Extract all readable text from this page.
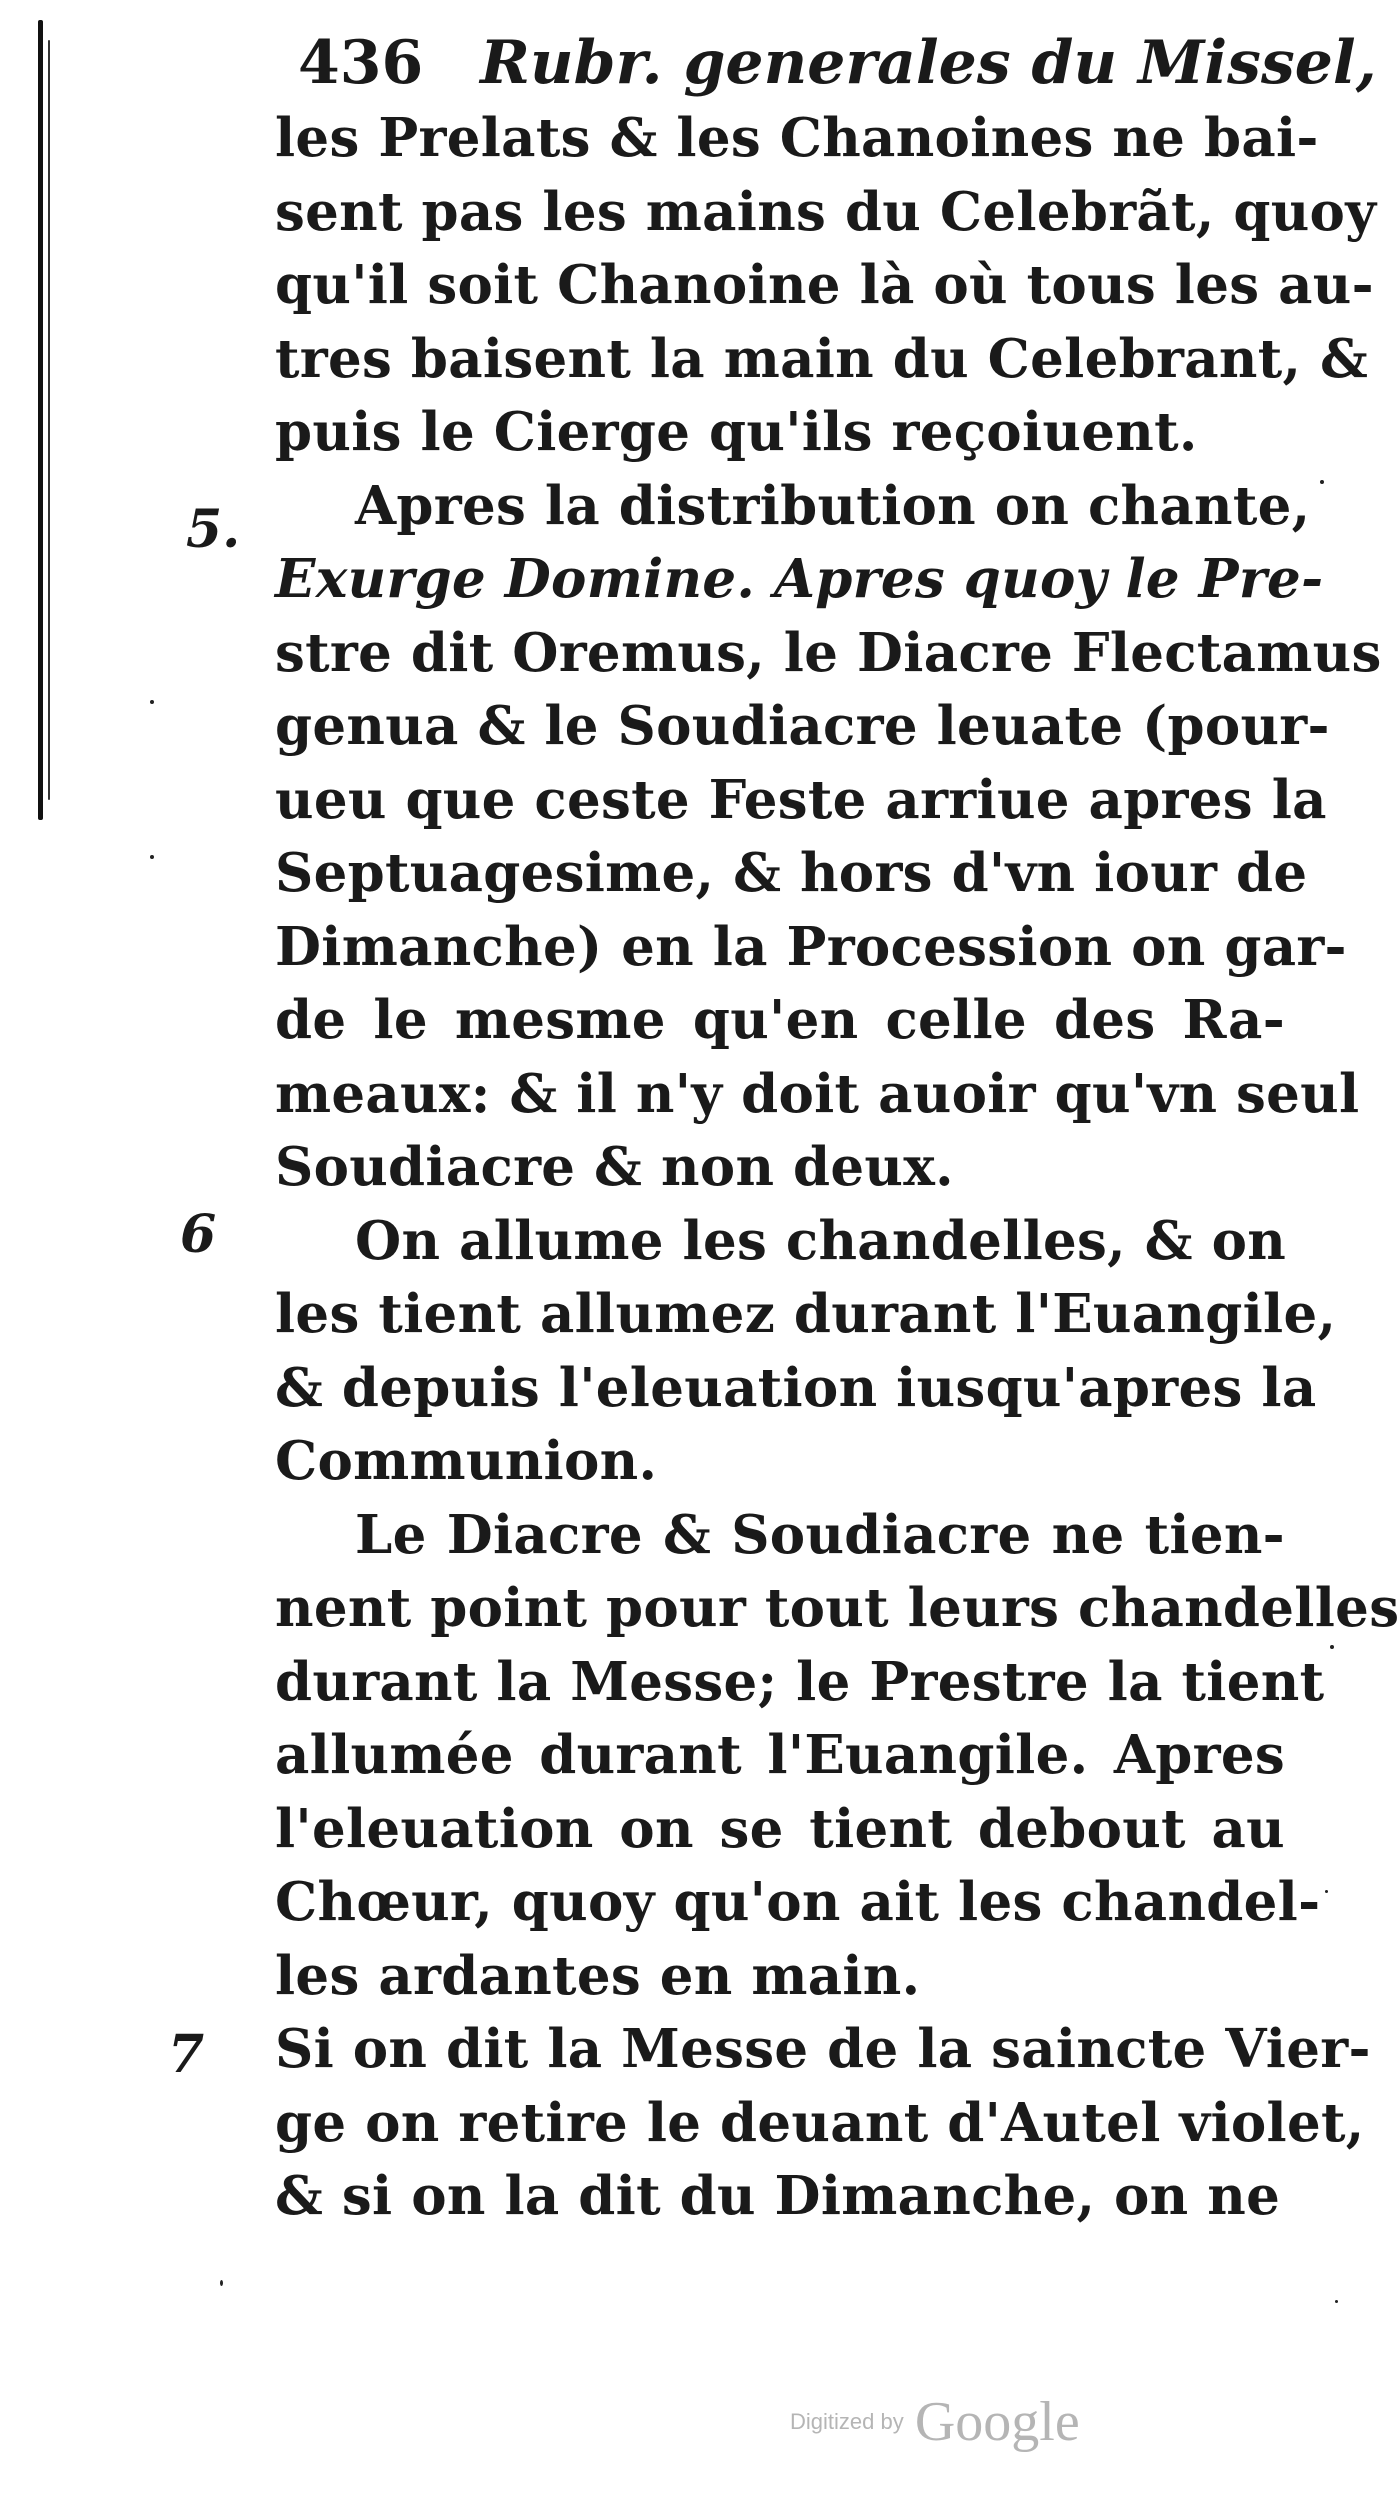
436 Rubr. generales du Missel,
5.
6
7
les Prelats & les Chanoines ne bai-
sent pas les mains du Celebrãt, quoy
qu'il soit Chanoine là où tous les au-
tres baisent la main du Celebrant, &
puis le Cierge qu'ils reçoiuent.
Apres la distribution on chante,
Exurge Domine. Apres quoy le Pre-
stre dit Oremus, le Diacre Flectamus
genua & le Soudiacre leuate (pour-
ueu que ceste Feste arriue apres la
Septuagesime, & hors d'vn iour de
Dimanche) en la Procession on gar-
de le mesme qu'en celle des Ra-
meaux: & il n'y doit auoir qu'vn seul
Soudiacre & non deux.
On allume les chandelles, & on
les tient allumez durant l'Euangile,
& depuis l'eleuation iusqu'apres la
Communion.
Le Diacre & Soudiacre ne tien-
nent point pour tout leurs chandelles
durant la Messe; le Prestre la tient
allumée durant l'Euangile. Apres
l'eleuation on se tient debout au
Chœur, quoy qu'on ait les chandel-
les ardantes en main.
Si on dit la Messe de la saincte Vier-
ge on retire le deuant d'Autel violet,
& si on la dit du Dimanche, on ne
Digitized by Google
